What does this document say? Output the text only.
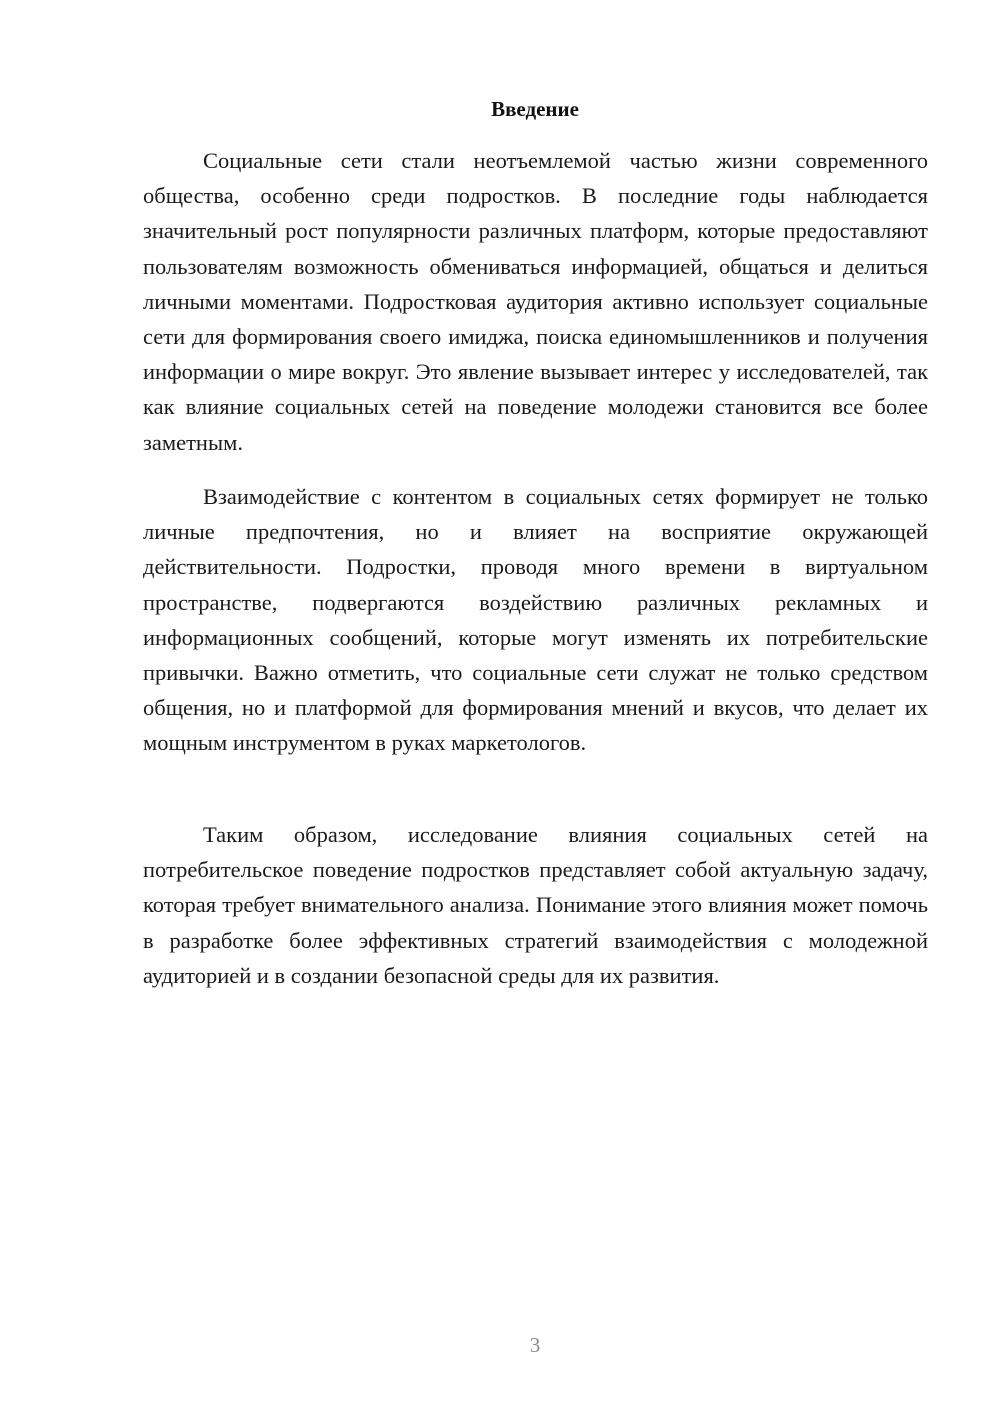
Введение

Социальные сети стали неотъемлемой частью жизни современного общества, особенно среди подростков. В последние годы наблюдается значительный рост популярности различных платформ, которые предоставляют пользователям возможность обмениваться информацией, общаться и делиться личными моментами. Подростковая аудитория активно использует социальные сети для формирования своего имиджа, поиска единомышленников и получения информации о мире вокруг. Это явление вызывает интерес у исследователей, так как влияние социальных сетей на поведение молодежи становится все более заметным.

Взаимодействие с контентом в социальных сетях формирует не только личные предпочтения, но и влияет на восприятие окружающей действительности. Подростки, проводя много времени в виртуальном пространстве, подвергаются воздействию различных рекламных и информационных сообщений, которые могут изменять их потребительские привычки. Важно отметить, что социальные сети служат не только средством общения, но и платформой для формирования мнений и вкусов, что делает их мощным инструментом в руках маркетологов.

Таким образом, исследование влияния социальных сетей на потребительское поведение подростков представляет собой актуальную задачу, которая требует внимательного анализа. Понимание этого влияния может помочь в разработке более эффективных стратегий взаимодействия с молодежной аудиторией и в создании безопасной среды для их развития.

3
